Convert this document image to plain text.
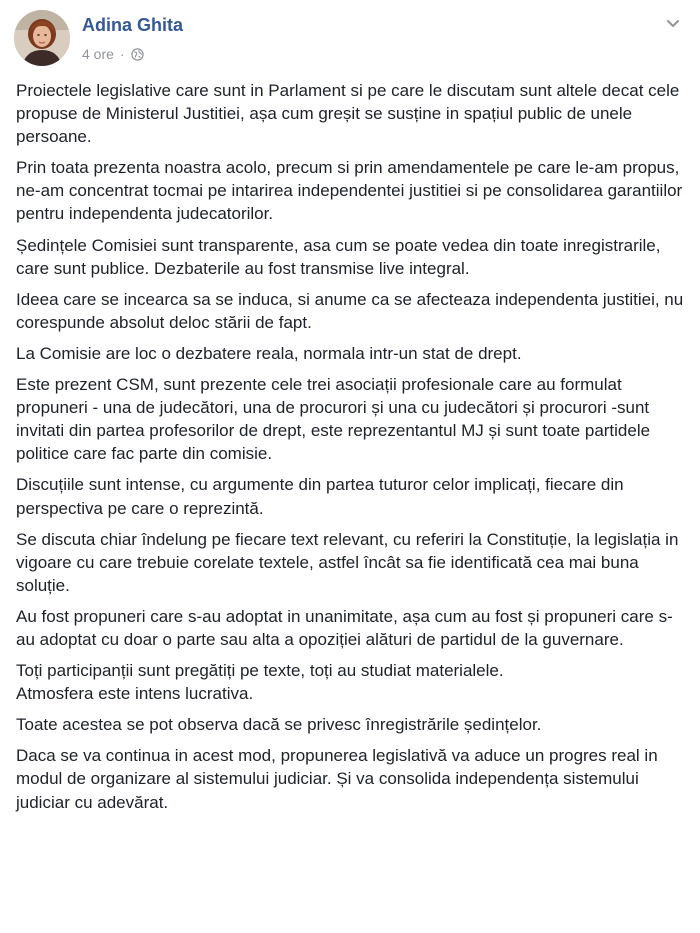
Adina Ghita
4 ore ·

Proiectele legislative care sunt in Parlament si pe care le discutam sunt altele decat cele propuse de Ministerul Justitiei, așa cum greșit se susține in spațiul public de unele persoane.

Prin toata prezenta noastra acolo, precum si prin amendamentele pe care le-am propus, ne-am concentrat tocmai pe intarirea independentei justitiei si pe consolidarea garantiilor pentru independenta judecatorilor.

Ședințele Comisiei sunt transparente, asa cum se poate vedea din toate inregistrarile, care sunt publice. Dezbaterile au fost transmise live integral.

Ideea care se incearca sa se induca, si anume ca se afecteaza independenta justitiei, nu corespunde absolut deloc stării de fapt.

La Comisie are loc o dezbatere reala, normala intr-un stat de drept.

Este prezent CSM, sunt prezente cele trei asociații profesionale care au formulat propuneri - una de judecători, una de procurori și una cu judecători și procurori -sunt invitati din partea profesorilor de drept, este reprezentantul MJ și sunt toate partidele politice care fac parte din comisie.

Discuțiile sunt intense, cu argumente din partea tuturor celor implicați, fiecare din perspectiva pe care o reprezintă.

Se discuta chiar îndelung pe fiecare text relevant, cu referiri la Constituție, la legislația in vigoare cu care trebuie corelate textele, astfel încât sa fie identificată cea mai buna soluție.

Au fost propuneri care s-au adoptat in unanimitate, așa cum au fost și propuneri care s-au adoptat cu doar o parte sau alta a opoziției alături de partidul de la guvernare.

Toți participanții sunt pregătiți pe texte, toți au studiat materialele.
Atmosfera este intens lucrativa.

Toate acestea se pot observa dacă se privesc înregistrările ședințelor.

Daca se va continua in acest mod, propunerea legislativă va aduce un progres real in modul de organizare al sistemului judiciar. Și va consolida independența sistemului judiciar cu adevărat.
